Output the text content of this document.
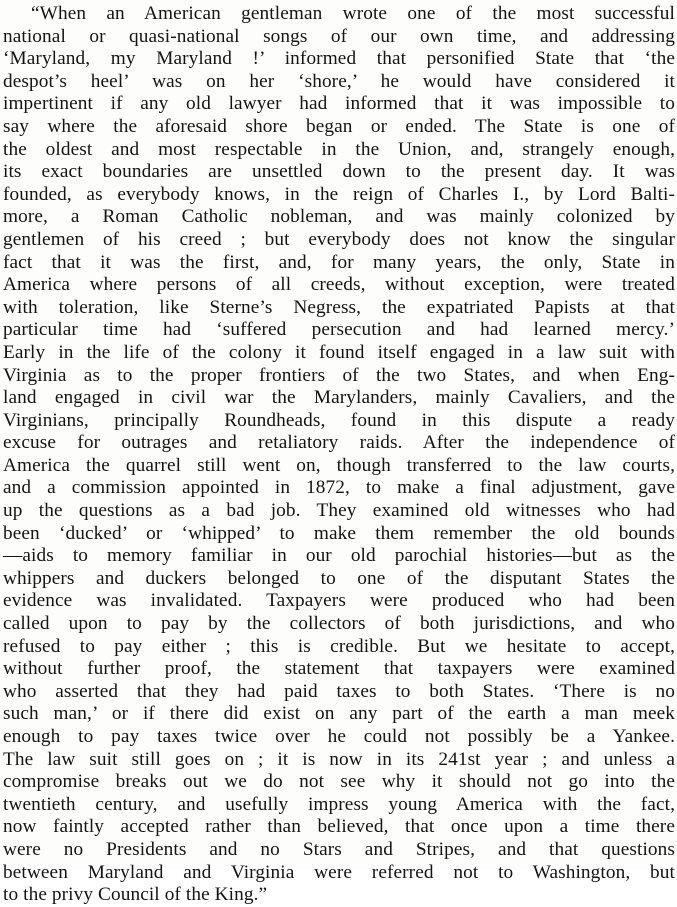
“When an American gentleman wrote one of the most successful
national or quasi-national songs of our own time, and addressing
‘Maryland, my Maryland !’ informed that personified State that ‘the
despot’s heel’ was on her ‘shore,’ he would have considered it
impertinent if any old lawyer had informed that it was impossible to
say where the aforesaid shore began or ended. The State is one of
the oldest and most respectable in the Union, and, strangely enough,
its exact boundaries are unsettled down to the present day. It was
founded, as everybody knows, in the reign of Charles I., by Lord Balti-
more, a Roman Catholic nobleman, and was mainly colonized by
gentlemen of his creed ; but everybody does not know the singular
fact that it was the first, and, for many years, the only, State in
America where persons of all creeds, without exception, were treated
with toleration, like Sterne’s Negress, the expatriated Papists at that
particular time had ‘suffered persecution and had learned mercy.’
Early in the life of the colony it found itself engaged in a law suit with
Virginia as to the proper frontiers of the two States, and when Eng-
land engaged in civil war the Marylanders, mainly Cavaliers, and the
Virginians, principally Roundheads, found in this dispute a ready
excuse for outrages and retaliatory raids. After the independence of
America the quarrel still went on, though transferred to the law courts,
and a commission appointed in 1872, to make a final adjustment, gave
up the questions as a bad job. They examined old witnesses who had
been ‘ducked’ or ‘whipped’ to make them remember the old bounds
—aids to memory familiar in our old parochial histories—but as the
whippers and duckers belonged to one of the disputant States the
evidence was invalidated. Taxpayers were produced who had been
called upon to pay by the collectors of both jurisdictions, and who
refused to pay either ; this is credible. But we hesitate to accept,
without further proof, the statement that taxpayers were examined
who asserted that they had paid taxes to both States. ‘There is no
such man,’ or if there did exist on any part of the earth a man meek
enough to pay taxes twice over he could not possibly be a Yankee.
The law suit still goes on ; it is now in its 241st year ; and unless a
compromise breaks out we do not see why it should not go into the
twentieth century, and usefully impress young America with the fact,
now faintly accepted rather than believed, that once upon a time there
were no Presidents and no Stars and Stripes, and that questions
between Maryland and Virginia were referred not to Washington, but
to the privy Council of the King.”
